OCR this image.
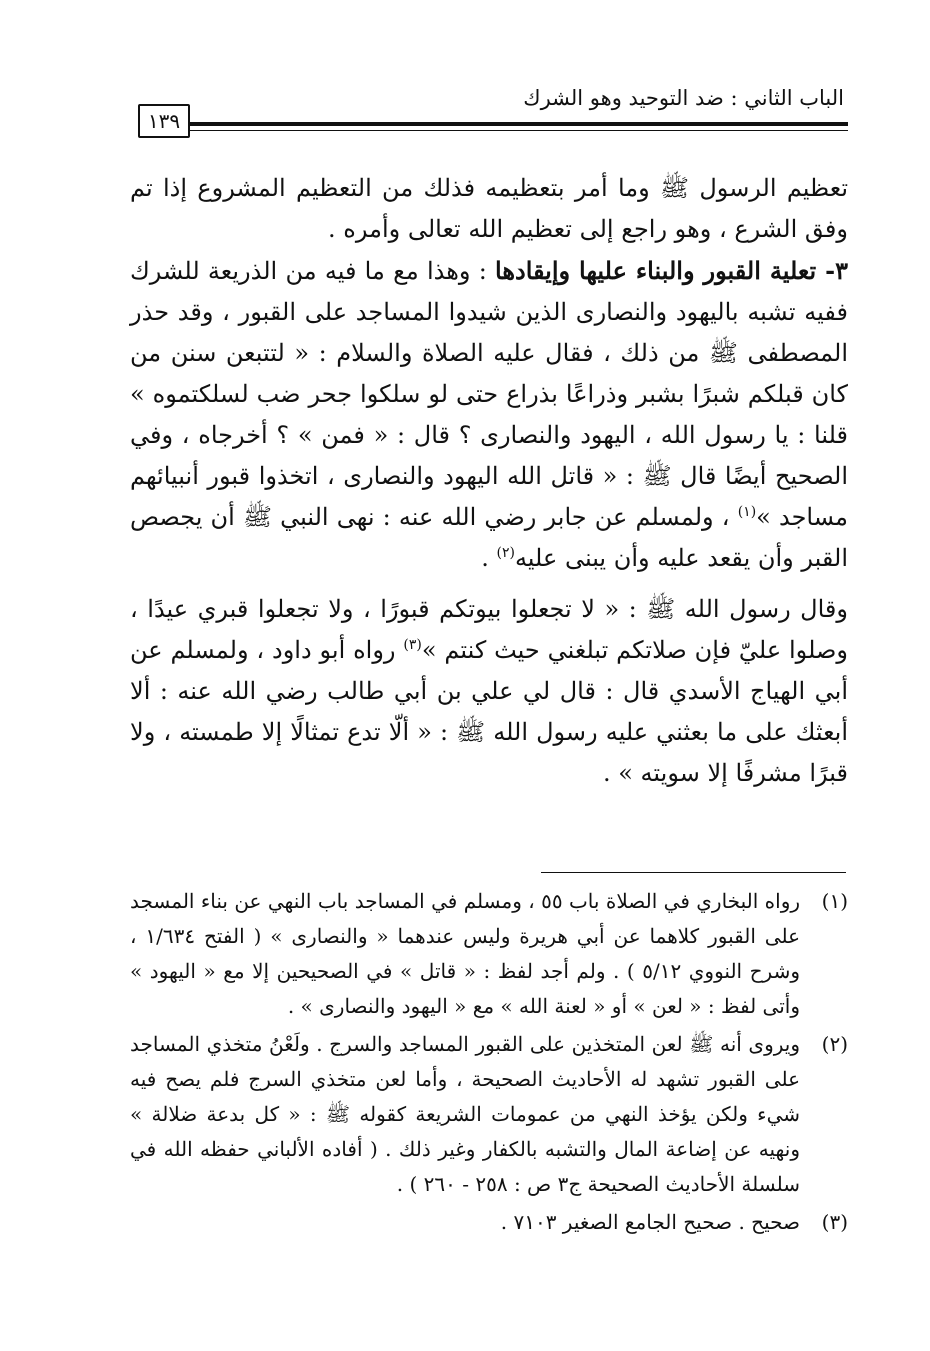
١٣٩
الباب الثاني : ضد التوحيد وهو الشرك

تعظيم الرسول ﷺ وما أمر بتعظيمه فذلك من التعظيم المشروع إذا تم وفق الشرع ، وهو راجع إلى تعظيم الله تعالى وأمره .

٣- تعلية القبور والبناء عليها وإيقادها : وهذا مع ما فيه من الذريعة للشرك ففيه تشبه باليهود والنصارى الذين شيدوا المساجد على القبور ، وقد حذر المصطفى ﷺ من ذلك ، فقال عليه الصلاة والسلام : « لتتبعن سنن من كان قبلكم شبرًا بشبر وذراعًا بذراع حتى لو سلكوا جحر ضب لسلكتموه » قلنا : يا رسول الله ، اليهود والنصارى ؟ قال : « فمن » ؟ أخرجاه ، وفي الصحيح أيضًا قال ﷺ : « قاتل الله اليهود والنصارى ، اتخذوا قبور أنبيائهم مساجد »$^{(١)}$ ، ولمسلم عن جابر رضي الله عنه : نهى النبي ﷺ أن يجصص القبر وأن يقعد عليه وأن يبنى عليه$^{(٢)}$ .

وقال رسول الله ﷺ : « لا تجعلوا بيوتكم قبورًا ، ولا تجعلوا قبري عيدًا ، وصلوا عليّ فإن صلاتكم تبلغني حيث كنتم »$^{(٣)}$ رواه أبو داود ، ولمسلم عن أبي الهياج الأسدي قال : قال لي علي بن أبي طالب رضي الله عنه : ألا أبعثك على ما بعثني عليه رسول الله ﷺ : « ألّا تدع تمثالًا إلا طمسته ، ولا قبرًا مشرفًا إلا سويته » .

(١)
رواه البخاري في الصلاة باب ٥٥ ، ومسلم في المساجد باب النهي عن بناء المسجد على القبور كلاهما عن أبي هريرة وليس عندهما « والنصارى » ( الفتح ١/٦٣٤ ، وشرح النووي ٥/١٢ ) . ولم أجد لفظ : « قاتل » في الصحيحين إلا مع « اليهود » وأتى لفظ : « لعن » أو « لعنة الله » مع « اليهود والنصارى » .
(٢)
ويروى أنه ﷺ لعن المتخذين على القبور المساجد والسرج . ولَعْنُ متخذي المساجد على القبور تشهد له الأحاديث الصحيحة ، وأما لعن متخذي السرج فلم يصح فيه شيء ولكن يؤخذ النهي من عمومات الشريعة كقوله ﷺ : « كل بدعة ضلالة » ونهيه عن إضاعة المال والتشبه بالكفار وغير ذلك . ( أفاده الألباني حفظه الله في سلسلة الأحاديث الصحيحة ج٣ ص : ٢٥٨ - ٢٦٠ ) .
(٣)
صحيح . صحيح الجامع الصغير ٧١٠٣ .
